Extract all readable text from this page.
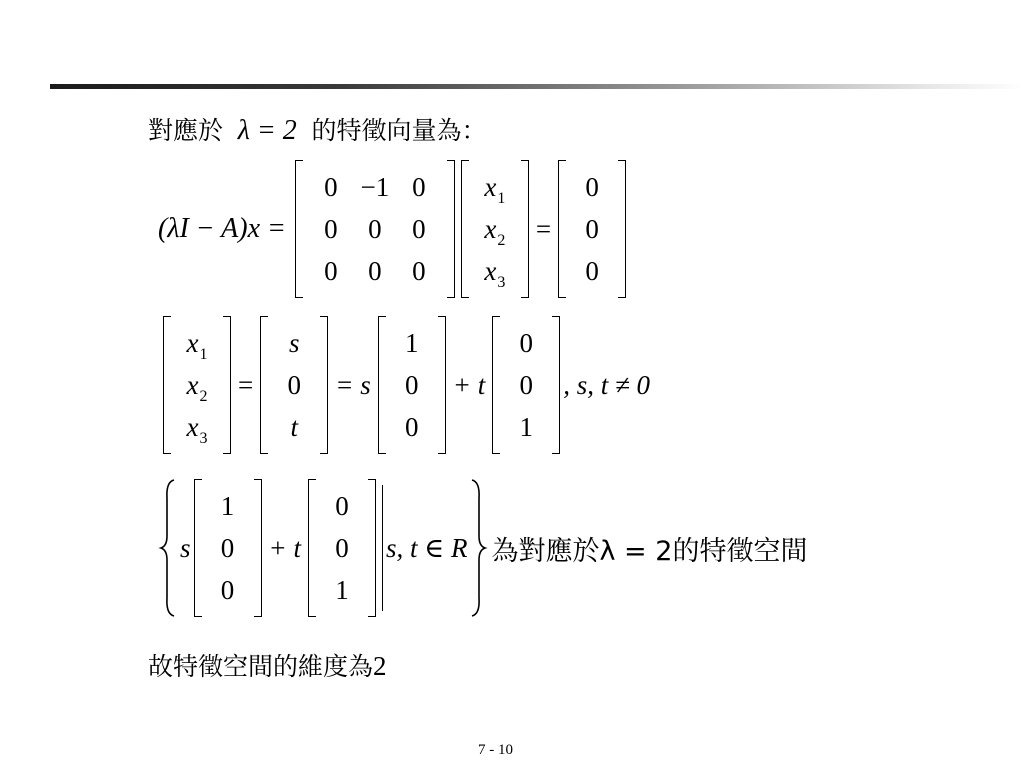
對應於 λ = 2 的特徵向量為：
(λI − A)x =
0 −1 0
0	0	0
0	0	0
$x_1$
$x_2$
$x_3$
=
0
0
0
$x_1$
$x_2$
$x_3$
=
s
0
t
= s
1
0
0
+ t
0
0
1
, s, t ≠ 0
s
1
0
0
+ t
0
0
1
s, t ∈ R 為對應於λ = 2的特徵空間
故特徵空間的維度為2
7 - 10
